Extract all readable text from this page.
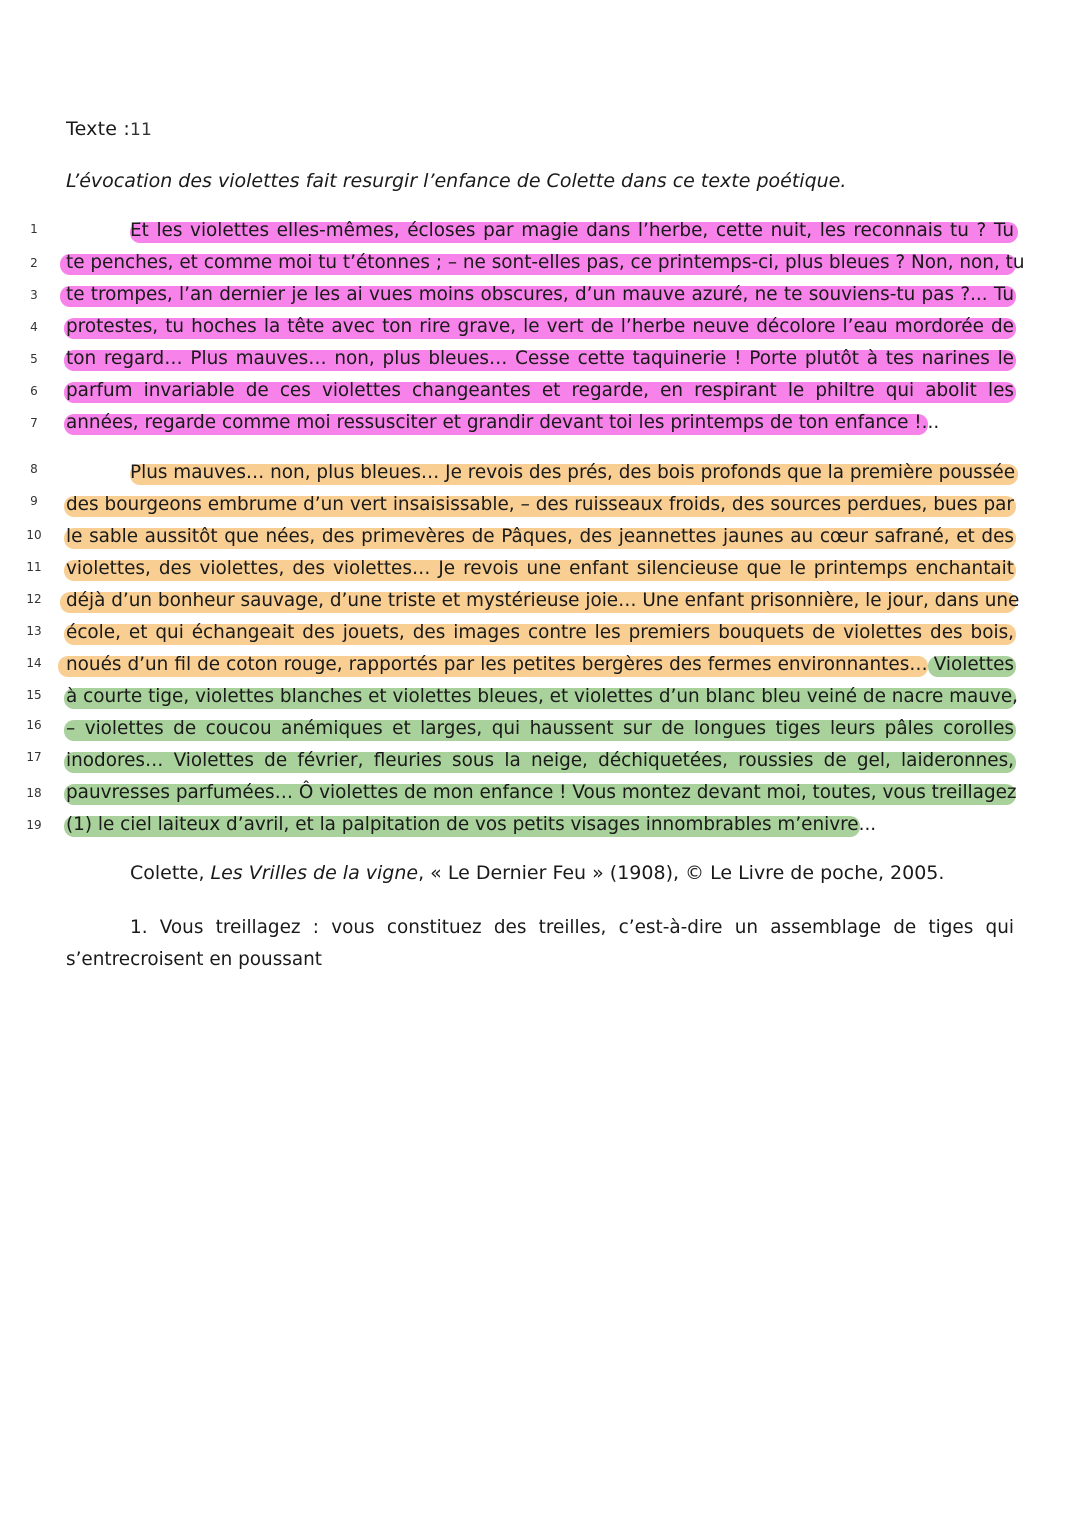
Texte :11
L’évocation des violettes fait resurgir l’enfance de Colette dans ce texte poétique.
1
2
3
4
5
6
7
8
9
10
11
12
13
14
15
16
17
18
19
Et les violettes elles-mêmes, écloses par magie dans l’herbe, cette nuit, les reconnais tu ? Tu
te penches, et comme moi tu t’étonnes ; – ne sont-elles pas, ce printemps-ci, plus bleues ? Non, non, tu
te trompes, l’an dernier je les ai vues moins obscures, d’un mauve azuré, ne te souviens-tu pas ?... Tu
protestes, tu hoches la tête avec ton rire grave, le vert de l’herbe neuve décolore l’eau mordorée de
ton regard… Plus mauves… non, plus bleues… Cesse cette taquinerie ! Porte plutôt à tes narines le
parfum invariable de ces violettes changeantes et regarde, en respirant le philtre qui abolit les
années, regarde comme moi ressusciter et grandir devant toi les printemps de ton enfance !...
Plus mauves… non, plus bleues… Je revois des prés, des bois profonds que la première poussée
des bourgeons embrume d’un vert insaisissable, – des ruisseaux froids, des sources perdues, bues par
le sable aussitôt que nées, des primevères de Pâques, des jeannettes jaunes au cœur safrané, et des
violettes, des violettes, des violettes… Je revois une enfant silencieuse que le printemps enchantait
déjà d’un bonheur sauvage, d’une triste et mystérieuse joie… Une enfant prisonnière, le jour, dans une
école, et qui échangeait des jouets, des images contre les premiers bouquets de violettes des bois,
noués d’un fil de coton rouge, rapportés par les petites bergères des fermes environnantes… Violettes
à courte tige, violettes blanches et violettes bleues, et violettes d’un blanc bleu veiné de nacre mauve,
– violettes de coucou anémiques et larges, qui haussent sur de longues tiges leurs pâles corolles
inodores… Violettes de février, fleuries sous la neige, déchiquetées, roussies de gel, laideronnes,
pauvresses parfumées… Ô violettes de mon enfance ! Vous montez devant moi, toutes, vous treillagez
(1) le ciel laiteux d’avril, et la palpitation de vos petits visages innombrables m’enivre...
Colette, Les Vrilles de la vigne, « Le Dernier Feu » (1908), © Le Livre de poche, 2005.
1. Vous treillagez : vous constituez des treilles, c’est-à-dire un assemblage de tiges qui
s’entrecroisent en poussant
